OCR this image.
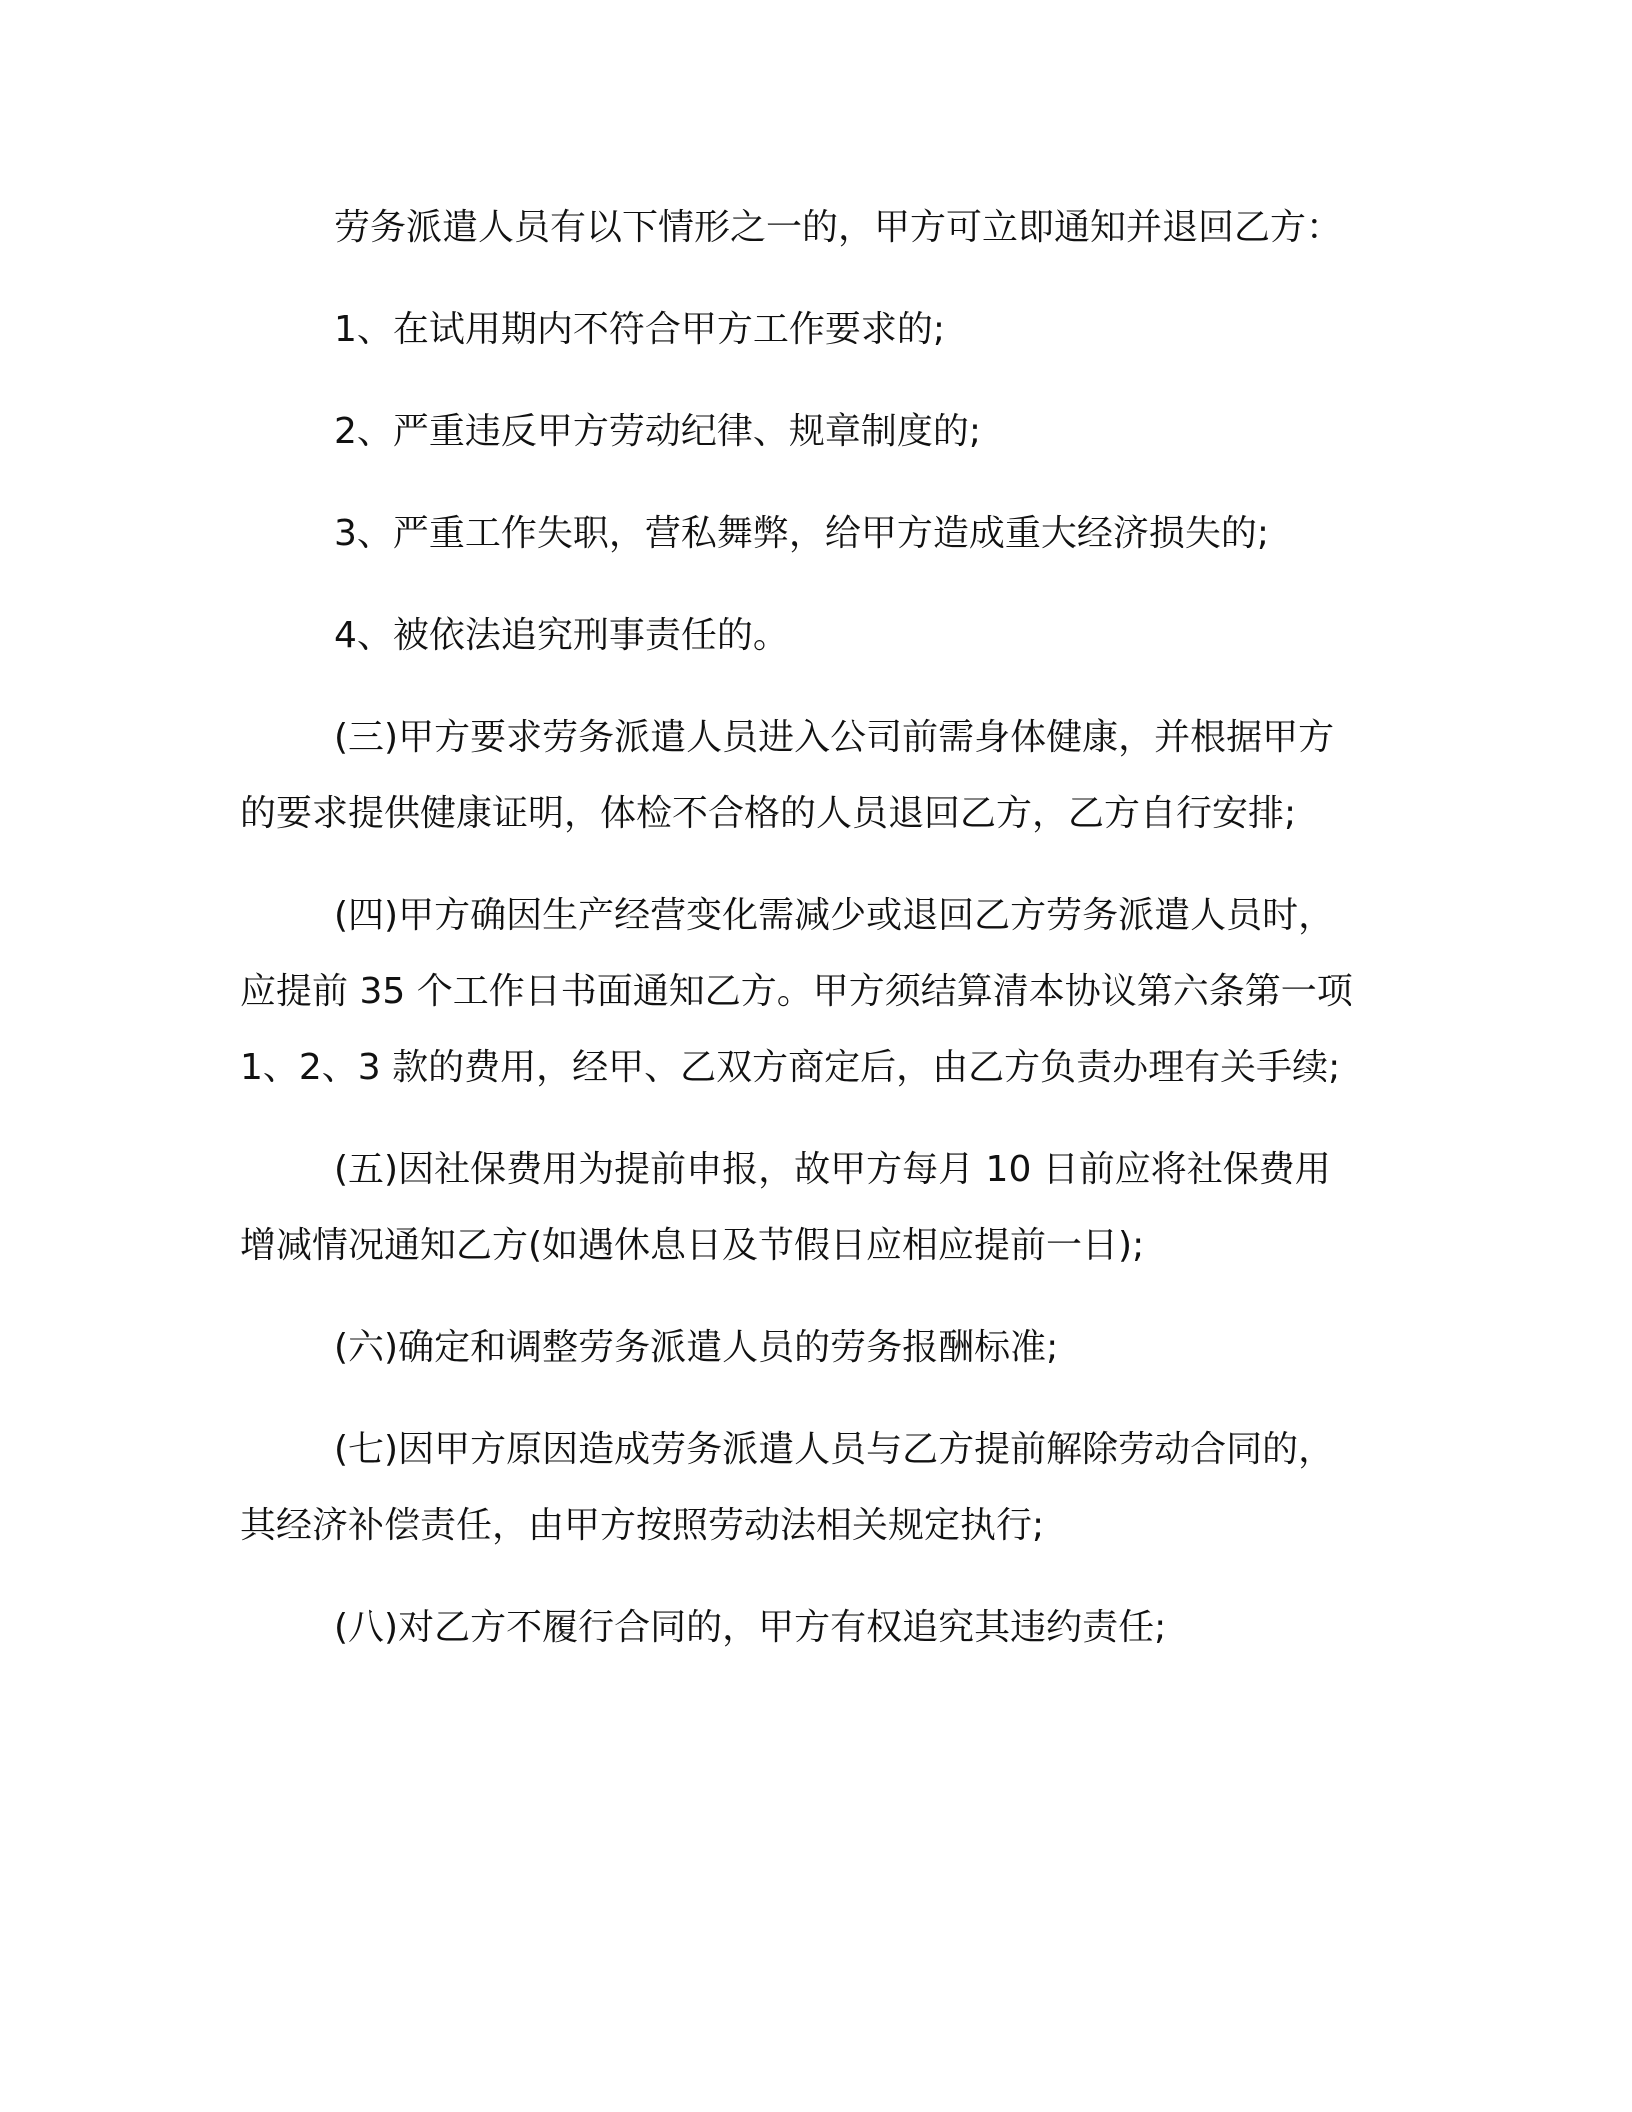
劳务派遣人员有以下情形之一的，甲方可立即通知并退回乙方：

1、在试用期内不符合甲方工作要求的;

2、严重违反甲方劳动纪律、规章制度的;

3、严重工作失职，营私舞弊，给甲方造成重大经济损失的;

4、被依法追究刑事责任的。

(三)甲方要求劳务派遣人员进入公司前需身体健康，并根据甲方
的要求提供健康证明，体检不合格的人员退回乙方，乙方自行安排;

(四)甲方确因生产经营变化需减少或退回乙方劳务派遣人员时，
应提前 35 个工作日书面通知乙方。甲方须结算清本协议第六条第一项
1、2、3 款的费用，经甲、乙双方商定后，由乙方负责办理有关手续;

(五)因社保费用为提前申报，故甲方每月 10 日前应将社保费用
增减情况通知乙方(如遇休息日及节假日应相应提前一日);

(六)确定和调整劳务派遣人员的劳务报酬标准;

(七)因甲方原因造成劳务派遣人员与乙方提前解除劳动合同的，
其经济补偿责任，由甲方按照劳动法相关规定执行;

(八)对乙方不履行合同的，甲方有权追究其违约责任;
